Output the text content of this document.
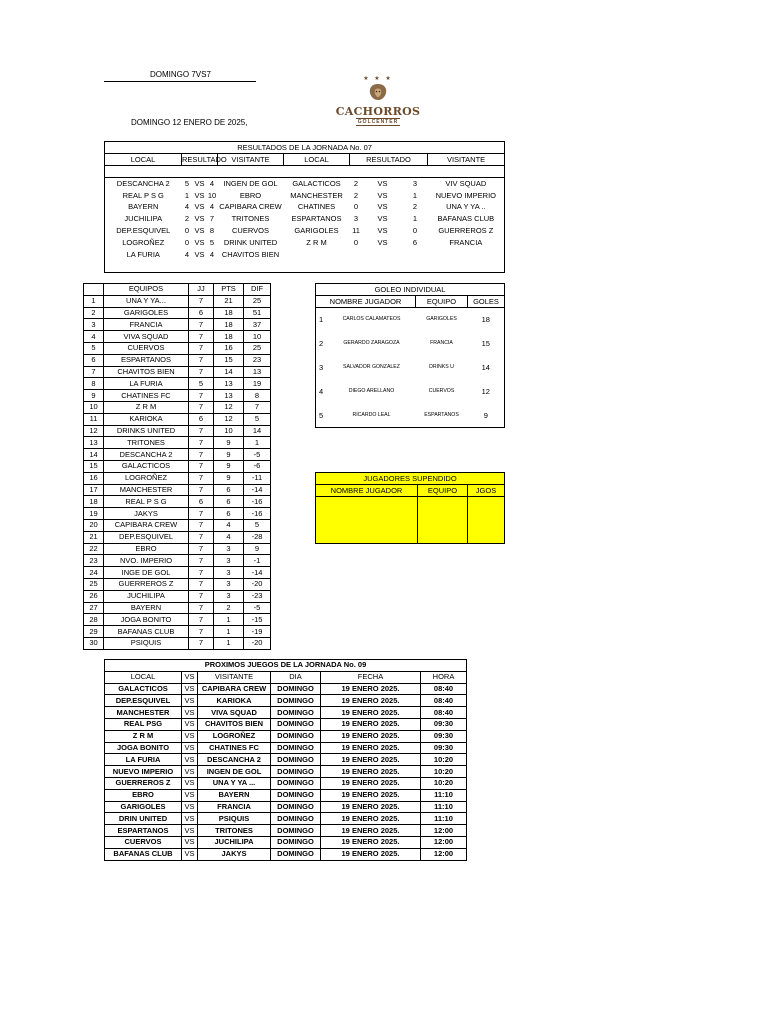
DOMINGO 7VS7
DOMINGO 12 ENERO DE 2025,
★ ★ ★
CACHORROS
GOLCENTER
RESULTADOS DE LA JORNADA No. 07									
LOCAL	RESULTADO			VISITANTE	LOCAL	RESULTADO			VISITANTE

DESCANCHA 2	5	VS	4	INGEN DE GOL	GALACTICOS	2	VS	3	VIV SQUAD
REAL P S G	1	VS	10	EBRO	MANCHESTER	2	VS	1	NUEVO IMPERIO
BAYERN	4	VS	4	CAPIBARA CREW	CHATINES	0	VS	2	UNA Y YA ..
JUCHILIPA	2	VS	7	TRITONES	ESPARTANOS	3	VS	1	BAFANAS CLUB
DEP.ESQUIVEL	0	VS	8	CUERVOS	GARIGOLES	11	VS	0	GUERREROS Z
LOGROÑEZ	0	VS	5	DRINK UNITED	Z R M	0	VS	6	FRANCIA
LA FURIA	4	VS	4	CHAVITOS BIEN					

	EQUIPOS	JJ	PTS	DIF
1	UNA Y YA...	7	21	25
2	GARIGOLES	6	18	51
3	FRANCIA	7	18	37
4	VIVA SQUAD	7	18	10
5	CUERVOS	7	16	25
6	ESPARTANOS	7	15	23
7	CHAVITOS BIEN	7	14	13
8	LA FURIA	5	13	19
9	CHATINES FC	7	13	8
10	Z R M	7	12	7
11	KARIOKA	6	12	5
12	DRINKS UNITED	7	10	14
13	TRITONES	7	9	1
14	DESCANCHA 2	7	9	-5
15	GALACTICOS	7	9	-6
16	LOGROÑEZ	7	9	-11
17	MANCHESTER	7	6	-14
18	REAL P S G	6	6	-16
19	JAKYS	7	6	-16
20	CAPIBARA CREW	7	4	5
21	DEP.ESQUIVEL	7	4	-28
22	EBRO	7	3	9
23	NVO. IMPERIO	7	3	-1
24	INGE DE GOL	7	3	-14
25	GUERREROS Z	7	3	-20
26	JUCHILIPA	7	3	-23
27	BAYERN	7	2	-5
28	JOGA BONITO	7	1	-15
29	BAFANAS CLUB	7	1	-19
30	PSIQUIS	7	1	-20
GOLEO INDIVIDUAL			
NOMBRE JUGADOR		EQUIPO	GOLES
1	CARLOS CALAMATEOS	GARIGOLES	18
2	GERARDO ZARAGOZA	FRANCIA	15
3	SALVADOR GONZALEZ	DRINKS U	14
4	DIEGO ARELLANO	CUERVOS	12
5	RICARDO LEAL	ESPARTANOS	9
JUGADORES SUPENDIDO		
NOMBRE JUGADOR	EQUIPO	JGOS

PROXIMOS JUEGOS DE LA JORNADA No. 09					
LOCAL	VS	VISITANTE	DIA	FECHA	HORA
GALACTICOS	VS	CAPIBARA CREW	DOMINGO	19 ENERO 2025.	08:40
DEP.ESQUIVEL	VS	KARIOKA	DOMINGO	19 ENERO 2025.	08:40
MANCHESTER	VS	VIVA SQUAD	DOMINGO	19 ENERO 2025.	08:40
REAL PSG	VS	CHAVITOS BIEN	DOMINGO	19 ENERO 2025.	09:30
Z R M	VS	LOGROÑEZ	DOMINGO	19 ENERO 2025.	09:30
JOGA BONITO	VS	CHATINES FC	DOMINGO	19 ENERO 2025.	09:30
LA FURIA	VS	DESCANCHA 2	DOMINGO	19 ENERO 2025.	10:20
NUEVO IMPERIO	VS	INGEN DE GOL	DOMINGO	19 ENERO 2025.	10:20
GUERREROS Z	VS	UNA Y YA ...	DOMINGO	19 ENERO 2025.	10:20
EBRO	VS	BAYERN	DOMINGO	19 ENERO 2025.	11:10
GARIGOLES	VS	FRANCIA	DOMINGO	19 ENERO 2025.	11:10
DRIN UNITED	VS	PSIQUIS	DOMINGO	19 ENERO 2025.	11:10
ESPARTANOS	VS	TRITONES	DOMINGO	19 ENERO 2025.	12:00
CUERVOS	VS	JUCHILIPA	DOMINGO	19 ENERO 2025.	12:00
BAFANAS CLUB	VS	JAKYS	DOMINGO	19 ENERO 2025.	12:00
